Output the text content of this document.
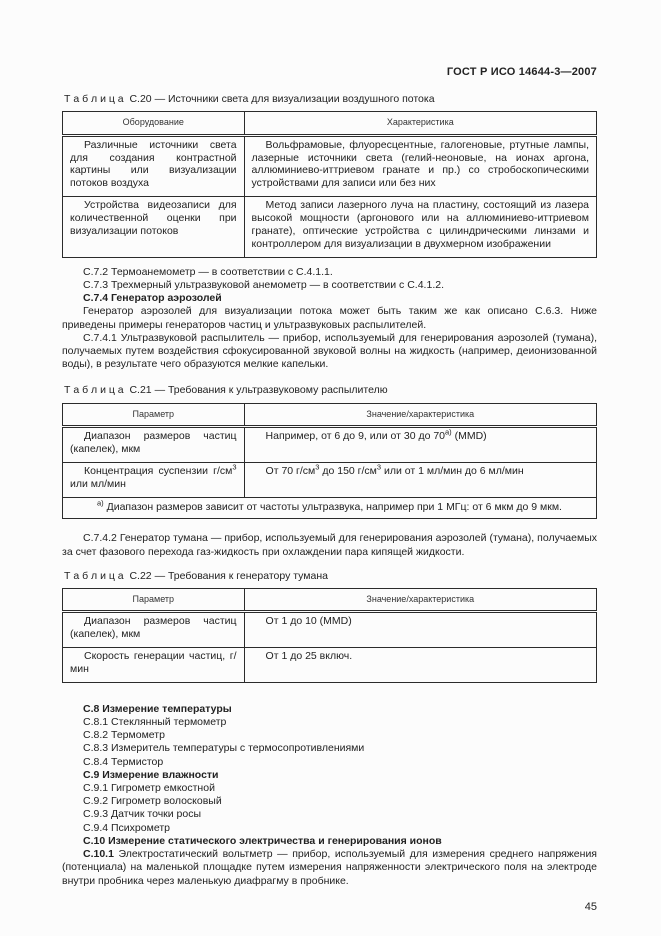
ГОСТ Р ИСО 14644-3—2007
Т а б л и ц а С.20 — Источники света для визуализации воздушного потока
Оборудование	Характеристика

Различные источники света для создания контрастной картины или визуализации потоков воздуха	Вольфрамовые, флуоресцентные, галогеновые, ртутные лампы, лазерные источники света (гелий-неоновые, на ионах аргона, аллюминиево-иттриевом гранате и пр.) со стробоскопическими устройствами для записи или без них

Устройства видеозаписи для количественной оценки при визуализации потоков	Метод записи лазерного луча на пластину, состоящий из лазера высокой мощности (аргонового или на аллюминиево-иттриевом гранате), оптические устройства с цилиндрическими линзами и контроллером для визуализации в двухмерном изображении

С.7.2 Термоанемометр — в соответствии с С.4.1.1.

С.7.3 Трехмерный ультразвуковой анемометр — в соответствии с С.4.1.2.

С.7.4 Генератор аэрозолей

Генератор аэрозолей для визуализации потока может быть таким же как описано С.6.3. Ниже приведены примеры генераторов частиц и ультразвуковых распылителей.

С.7.4.1 Ультразвуковой распылитель — прибор, используемый для генерирования аэрозолей (тумана), получаемых путем воздействия сфокусированной звуковой волны на жидкость (например, деионизованной воды), в результате чего образуются мелкие капельки.

Т а б л и ц а С.21 — Требования к ультразвуковому распылителю
Параметр	Значение/характеристика

Диапазон размеров частиц (капелек), мкм	Например, от 6 до 9, или от 30 до $70^{а)}$ (MMD)

Концентрация суспензии $г/см^3$ или мл/мин	От 70 $г/см^3$ до 150 $г/см^3$ или от 1 мл/мин до 6 мл/мин

$^{а)}$ Диапазон размеров зависит от частоты ультразвука, например при 1 МГц: от 6 мкм до 9 мкм.	

С.7.4.2 Генератор тумана — прибор, используемый для генерирования аэрозолей (тумана), получаемых за счет фазового перехода газ-жидкость при охлаждении пара кипящей жидкости.

Т а б л и ц а С.22 — Требования к генератору тумана
Параметр	Значение/характеристика

Диапазон размеров частиц (капелек), мкм	От 1 до 10 (MMD)

Скорость генерации частиц, г/мин	От 1 до 25 включ.

С.8 Измерение температуры

С.8.1 Стеклянный термометр

С.8.2 Термометр

С.8.3 Измеритель температуры с термосопротивлениями

С.8.4 Термистор

С.9 Измерение влажности

С.9.1 Гигрометр емкостной

С.9.2 Гигрометр волосковый

С.9.3 Датчик точки росы

С.9.4 Психрометр

С.10 Измерение статического электричества и генерирования ионов

С.10.1 Электростатический вольтметр — прибор, используемый для измерения среднего напряжения (потенциала) на маленькой площадке путем измерения напряженности электрического поля на электроде внутри пробника через маленькую диафрагму в пробнике.

45
